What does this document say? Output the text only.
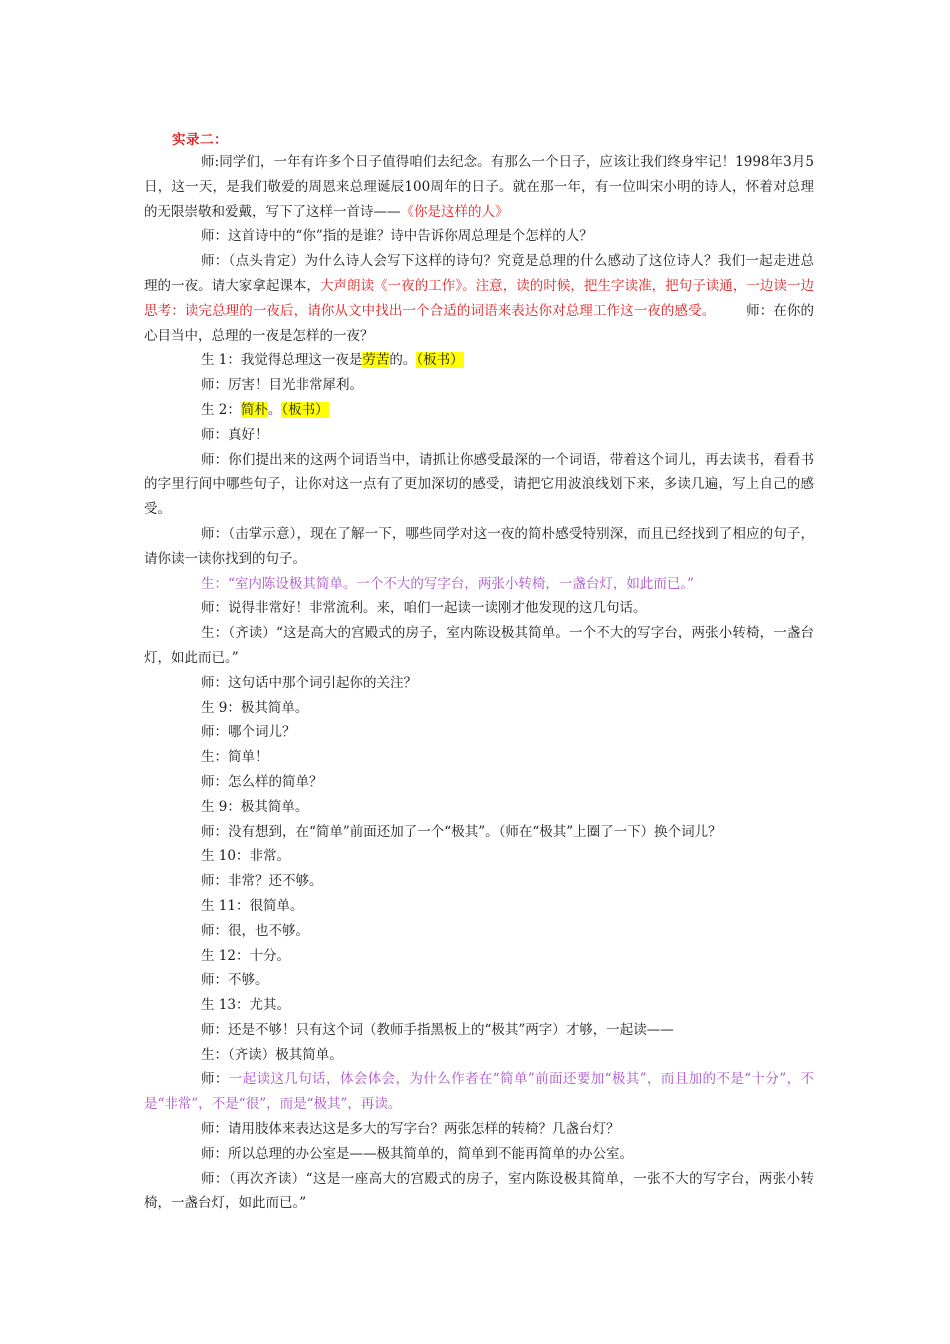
实录二：

师:同学们，一年有许多个日子值得咱们去纪念。有那么一个日子，应该让我们终身牢记！1998年3月5日，这一天，是我们敬爱的周恩来总理诞辰100周年的日子。就在那一年，有一位叫宋小明的诗人，怀着对总理的无限崇敬和爱戴，写下了这样一首诗——《你是这样的人》

师：这首诗中的“你”指的是谁？诗中告诉你周总理是个怎样的人？

师：（点头肯定）为什么诗人会写下这样的诗句？究竟是总理的什么感动了这位诗人？我们一起走进总理的一夜。请大家拿起课本，大声朗读《一夜的工作》。注意，读的时候，把生字读准，把句子读通，一边读一边思考：读完总理的一夜后，请你从文中找出一个合适的词语来表达你对总理工作这一夜的感受。 师：在你的心目当中，总理的一夜是怎样的一夜？

生 1：我觉得总理这一夜是劳苦的。（板书）

师：厉害！目光非常犀利。

生 2：简朴。（板书）

师：真好！

师：你们提出来的这两个词语当中，请抓让你感受最深的一个词语，带着这个词儿，再去读书，看看书的字里行间中哪些句子，让你对这一点有了更加深切的感受，请把它用波浪线划下来，多读几遍，写上自己的感受。

师：（击掌示意），现在了解一下，哪些同学对这一夜的简朴感受特别深，而且已经找到了相应的句子，请你读一读你找到的句子。

生：“室内陈设极其简单。一个不大的写字台，两张小转椅，一盏台灯，如此而已。”

师：说得非常好！非常流利。来，咱们一起读一读刚才他发现的这几句话。

生：（齐读）“这是高大的宫殿式的房子，室内陈设极其简单。一个不大的写字台，两张小转椅，一盏台灯，如此而已。”

师：这句话中那个词引起你的关注？

生 9：极其简单。

师：哪个词儿？

生：简单！

师：怎么样的简单？

生 9：极其简单。

师：没有想到，在“简单”前面还加了一个“极其”。（师在“极其”上圈了一下）换个词儿？

生 10：非常。

师：非常？还不够。

生 11：很简单。

师：很，也不够。

生 12：十分。

师：不够。

生 13：尤其。

师：还是不够！只有这个词（教师手指黑板上的“极其”两字）才够，一起读——

生：（齐读）极其简单。

师：一起读这几句话，体会体会，为什么作者在“简单”前面还要加“极其”，而且加的不是“十分”，不是“非常”，不是“很”，而是“极其”，再读。

师：请用肢体来表达这是多大的写字台？两张怎样的转椅？几盏台灯？

师：所以总理的办公室是——极其简单的，简单到不能再简单的办公室。

师：（再次齐读）“这是一座高大的宫殿式的房子，室内陈设极其简单，一张不大的写字台，两张小转椅，一盏台灯，如此而已。”
